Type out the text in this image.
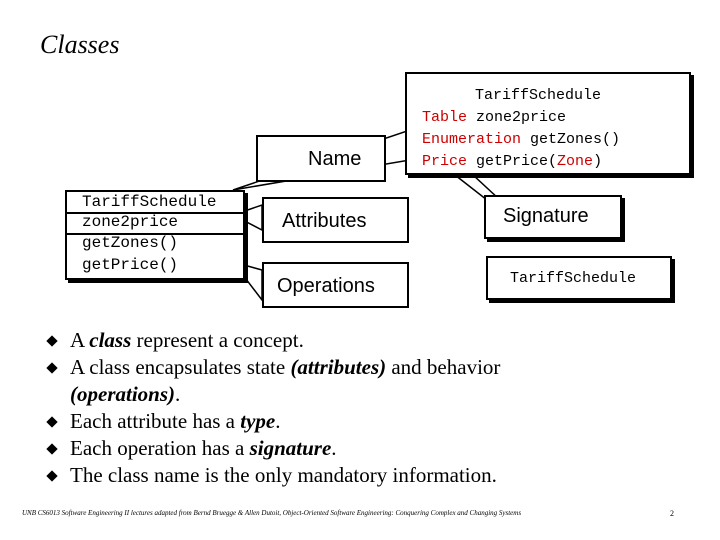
Classes
TariffSchedule
zone2price
getZones()
getPrice()
Name
Attributes
Operations
TariffSchedule
Table zone2price
Enumeration getZones()
Price getPrice(Zone)
Signature
TariffSchedule
A class represent a concept.
A class encapsulates state (attributes) and behavior
(operations).
Each attribute has a type.
Each operation has a signature.
The class name is the only mandatory information.
UNB CS6013 Software Engineering II lectures adapted from Bernd Bruegge & Allen Dutoit, Object-Oriented Software Engineering: Conquering Complex and Changing Systems	2
